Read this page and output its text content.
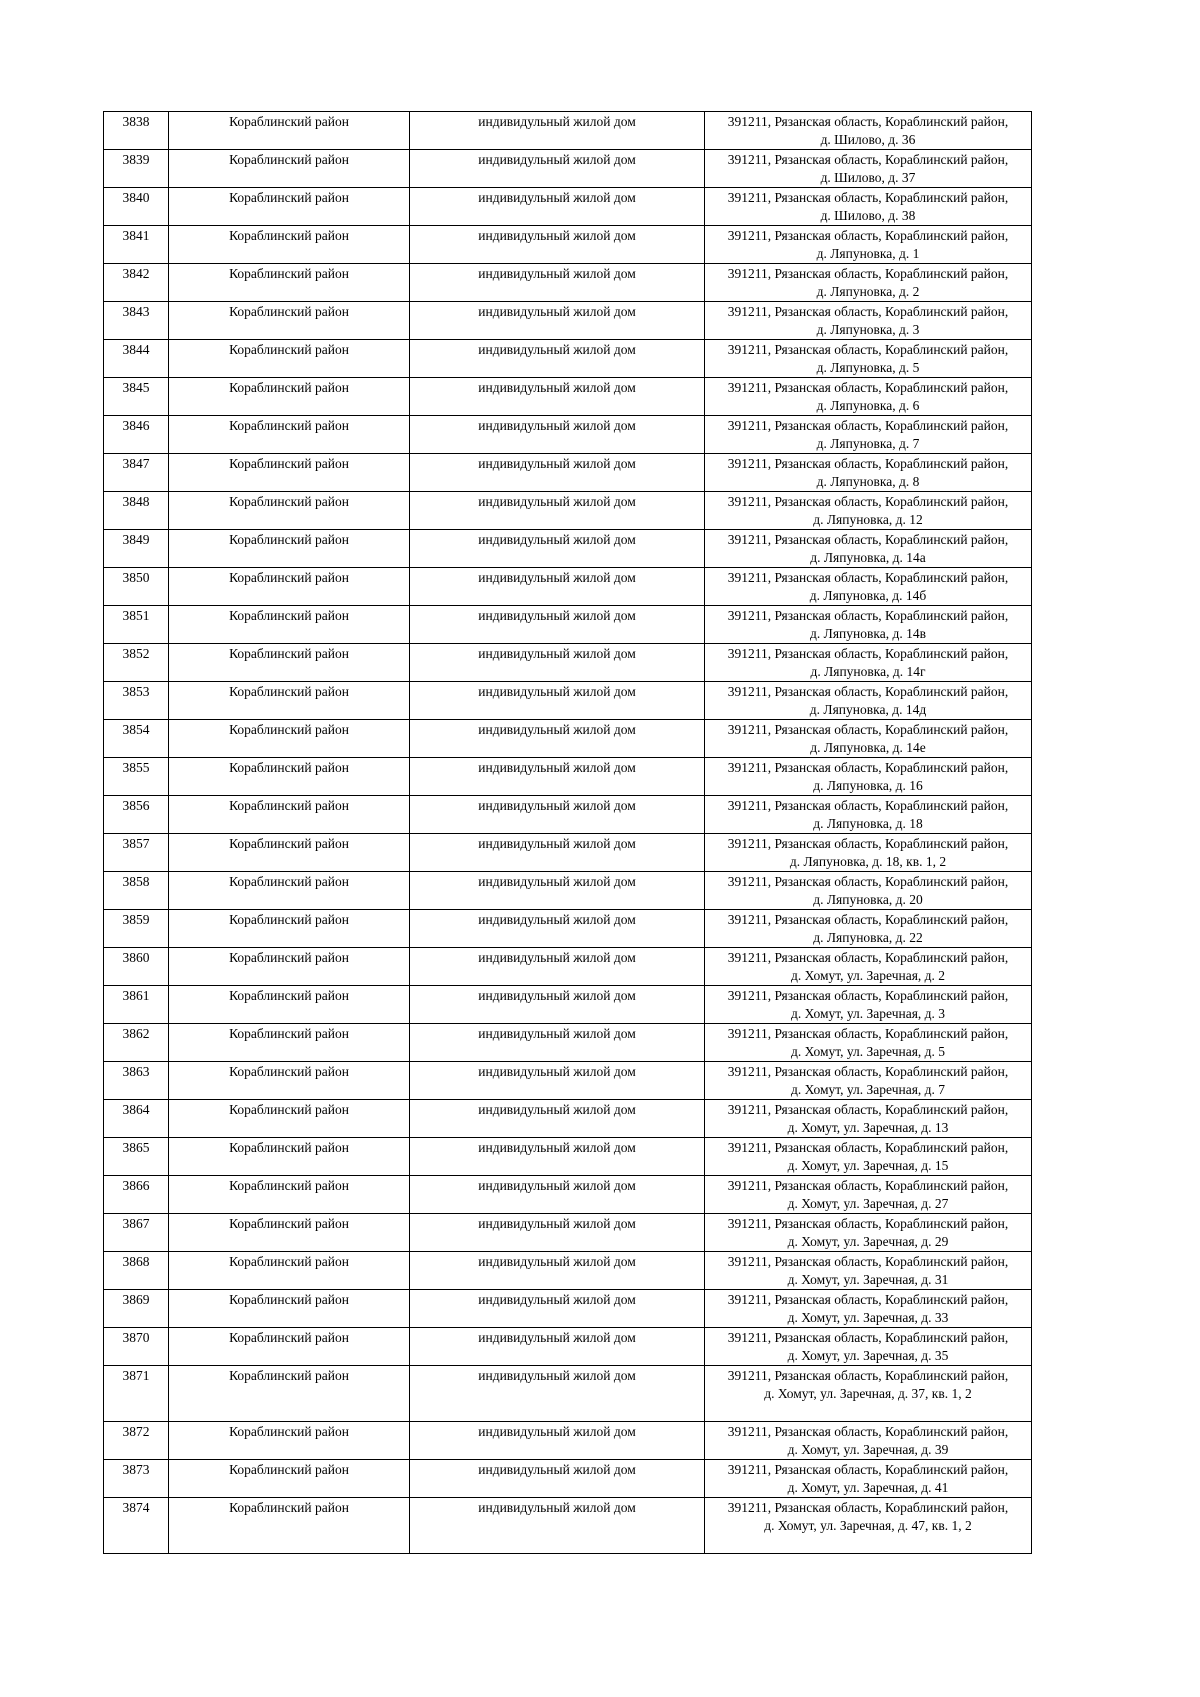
3838	Кораблинский район	индивидульный жилой дом	391211, Рязанская область, Кораблинский район,
д. Шилово, д. 36

3839	Кораблинский район	индивидульный жилой дом	391211, Рязанская область, Кораблинский район,
д. Шилово, д. 37

3840	Кораблинский район	индивидульный жилой дом	391211, Рязанская область, Кораблинский район,
д. Шилово, д. 38

3841	Кораблинский район	индивидульный жилой дом	391211, Рязанская область, Кораблинский район,
д. Ляпуновка, д. 1

3842	Кораблинский район	индивидульный жилой дом	391211, Рязанская область, Кораблинский район,
д. Ляпуновка, д. 2

3843	Кораблинский район	индивидульный жилой дом	391211, Рязанская область, Кораблинский район,
д. Ляпуновка, д. 3

3844	Кораблинский район	индивидульный жилой дом	391211, Рязанская область, Кораблинский район,
д. Ляпуновка, д. 5

3845	Кораблинский район	индивидульный жилой дом	391211, Рязанская область, Кораблинский район,
д. Ляпуновка, д. 6

3846	Кораблинский район	индивидульный жилой дом	391211, Рязанская область, Кораблинский район,
д. Ляпуновка, д. 7

3847	Кораблинский район	индивидульный жилой дом	391211, Рязанская область, Кораблинский район,
д. Ляпуновка, д. 8

3848	Кораблинский район	индивидульный жилой дом	391211, Рязанская область, Кораблинский район,
д. Ляпуновка, д. 12

3849	Кораблинский район	индивидульный жилой дом	391211, Рязанская область, Кораблинский район,
д. Ляпуновка, д. 14а

3850	Кораблинский район	индивидульный жилой дом	391211, Рязанская область, Кораблинский район,
д. Ляпуновка, д. 14б

3851	Кораблинский район	индивидульный жилой дом	391211, Рязанская область, Кораблинский район,
д. Ляпуновка, д. 14в

3852	Кораблинский район	индивидульный жилой дом	391211, Рязанская область, Кораблинский район,
д. Ляпуновка, д. 14г

3853	Кораблинский район	индивидульный жилой дом	391211, Рязанская область, Кораблинский район,
д. Ляпуновка, д. 14д

3854	Кораблинский район	индивидульный жилой дом	391211, Рязанская область, Кораблинский район,
д. Ляпуновка, д. 14е

3855	Кораблинский район	индивидульный жилой дом	391211, Рязанская область, Кораблинский район,
д. Ляпуновка, д. 16

3856	Кораблинский район	индивидульный жилой дом	391211, Рязанская область, Кораблинский район,
д. Ляпуновка, д. 18

3857	Кораблинский район	индивидульный жилой дом	391211, Рязанская область, Кораблинский район,
д. Ляпуновка, д. 18, кв. 1, 2

3858	Кораблинский район	индивидульный жилой дом	391211, Рязанская область, Кораблинский район,
д. Ляпуновка, д. 20

3859	Кораблинский район	индивидульный жилой дом	391211, Рязанская область, Кораблинский район,
д. Ляпуновка, д. 22

3860	Кораблинский район	индивидульный жилой дом	391211, Рязанская область, Кораблинский район,
д. Хомут, ул. Заречная, д. 2

3861	Кораблинский район	индивидульный жилой дом	391211, Рязанская область, Кораблинский район,
д. Хомут, ул. Заречная, д. 3

3862	Кораблинский район	индивидульный жилой дом	391211, Рязанская область, Кораблинский район,
д. Хомут, ул. Заречная, д. 5

3863	Кораблинский район	индивидульный жилой дом	391211, Рязанская область, Кораблинский район,
д. Хомут, ул. Заречная, д. 7

3864	Кораблинский район	индивидульный жилой дом	391211, Рязанская область, Кораблинский район,
д. Хомут, ул. Заречная, д. 13

3865	Кораблинский район	индивидульный жилой дом	391211, Рязанская область, Кораблинский район,
д. Хомут, ул. Заречная, д. 15

3866	Кораблинский район	индивидульный жилой дом	391211, Рязанская область, Кораблинский район,
д. Хомут, ул. Заречная, д. 27

3867	Кораблинский район	индивидульный жилой дом	391211, Рязанская область, Кораблинский район,
д. Хомут, ул. Заречная, д. 29

3868	Кораблинский район	индивидульный жилой дом	391211, Рязанская область, Кораблинский район,
д. Хомут, ул. Заречная, д. 31

3869	Кораблинский район	индивидульный жилой дом	391211, Рязанская область, Кораблинский район,
д. Хомут, ул. Заречная, д. 33

3870	Кораблинский район	индивидульный жилой дом	391211, Рязанская область, Кораблинский район,
д. Хомут, ул. Заречная, д. 35

3871	Кораблинский район	индивидульный жилой дом	391211, Рязанская область, Кораблинский район,
д. Хомут, ул. Заречная, д. 37, кв. 1, 2

3872	Кораблинский район	индивидульный жилой дом	391211, Рязанская область, Кораблинский район,
д. Хомут, ул. Заречная, д. 39

3873	Кораблинский район	индивидульный жилой дом	391211, Рязанская область, Кораблинский район,
д. Хомут, ул. Заречная, д. 41

3874	Кораблинский район	индивидульный жилой дом	391211, Рязанская область, Кораблинский район,
д. Хомут, ул. Заречная, д. 47, кв. 1, 2
